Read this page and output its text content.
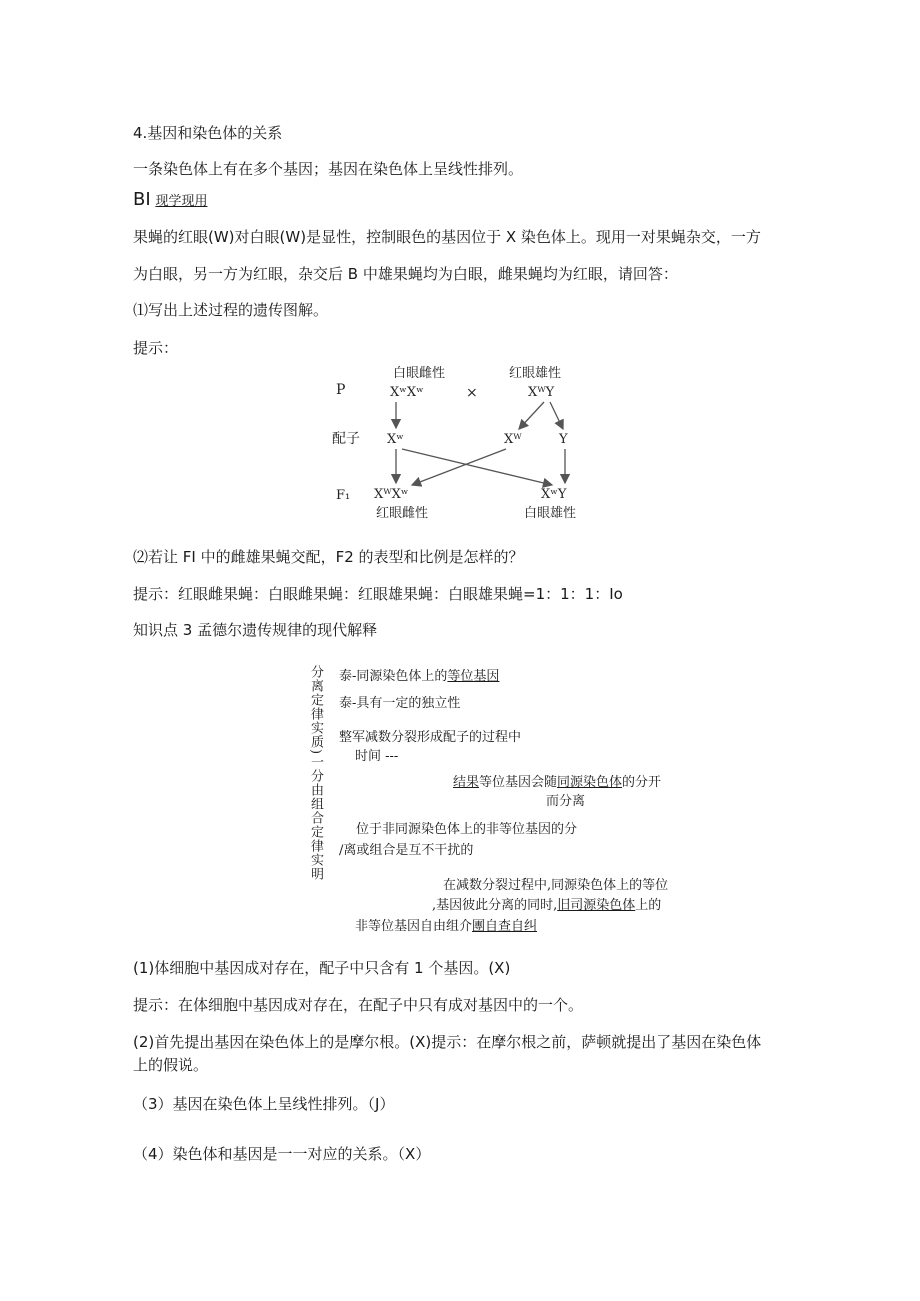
4.基因和染色体的关系
一条染色体上有在多个基因；基因在染色体上呈线性排列。
BI 现学现用
果蝇的红眼(W)对白眼(W)是显性，控制眼色的基因位于 X 染色体上。现用一对果蝇杂交，一方
为白眼，另一方为红眼，杂交后 B 中雄果蝇均为白眼，雌果蝇均为红眼，请回答：
⑴写出上述过程的遗传图解。
提示：
P
配子
F₁
白眼雌性
XʷXʷ	×
红眼雄性
XᵂY
Xʷ	Xᵂ	Y
XᵂXʷ	XʷY
红眼雌性	白眼雄性
⑵若让 FI 中的雌雄果蝇交配，F2 的表型和比例是怎样的？
提示：红眼雌果蝇：白眼雌果蝇：红眼雄果蝇：白眼雄果蝇=1：1：1：Io
知识点 3 孟德尔遗传规律的现代解释
分离定律实质)一分由组合定律实明 泰-同源染色体上的等位基因
泰-具有一定的独立性
整军减数分裂形成配子的过程中
时间 ---
结果等位基因会随同源染色体的分开
而分离
位于非同源染色体上的非等位基因的分
/离或组合是互不干扰的
在减数分裂过程中,同源染色体上的等位
,基因彼此分离的同时,旧司源染色体上的
非等位基因自由组介團自查自纠
(1)体细胞中基因成对存在，配子中只含有 1 个基因。(X)
提示：在体细胞中基因成对存在，在配子中只有成对基因中的一个。
(2)首先提出基因在染色体上的是摩尔根。(X)提示：在摩尔根之前，萨顿就提出了基因在染色体
上的假说。
（3）基因在染色体上呈线性排列。（J）
（4）染色体和基因是一一对应的关系。（X）
